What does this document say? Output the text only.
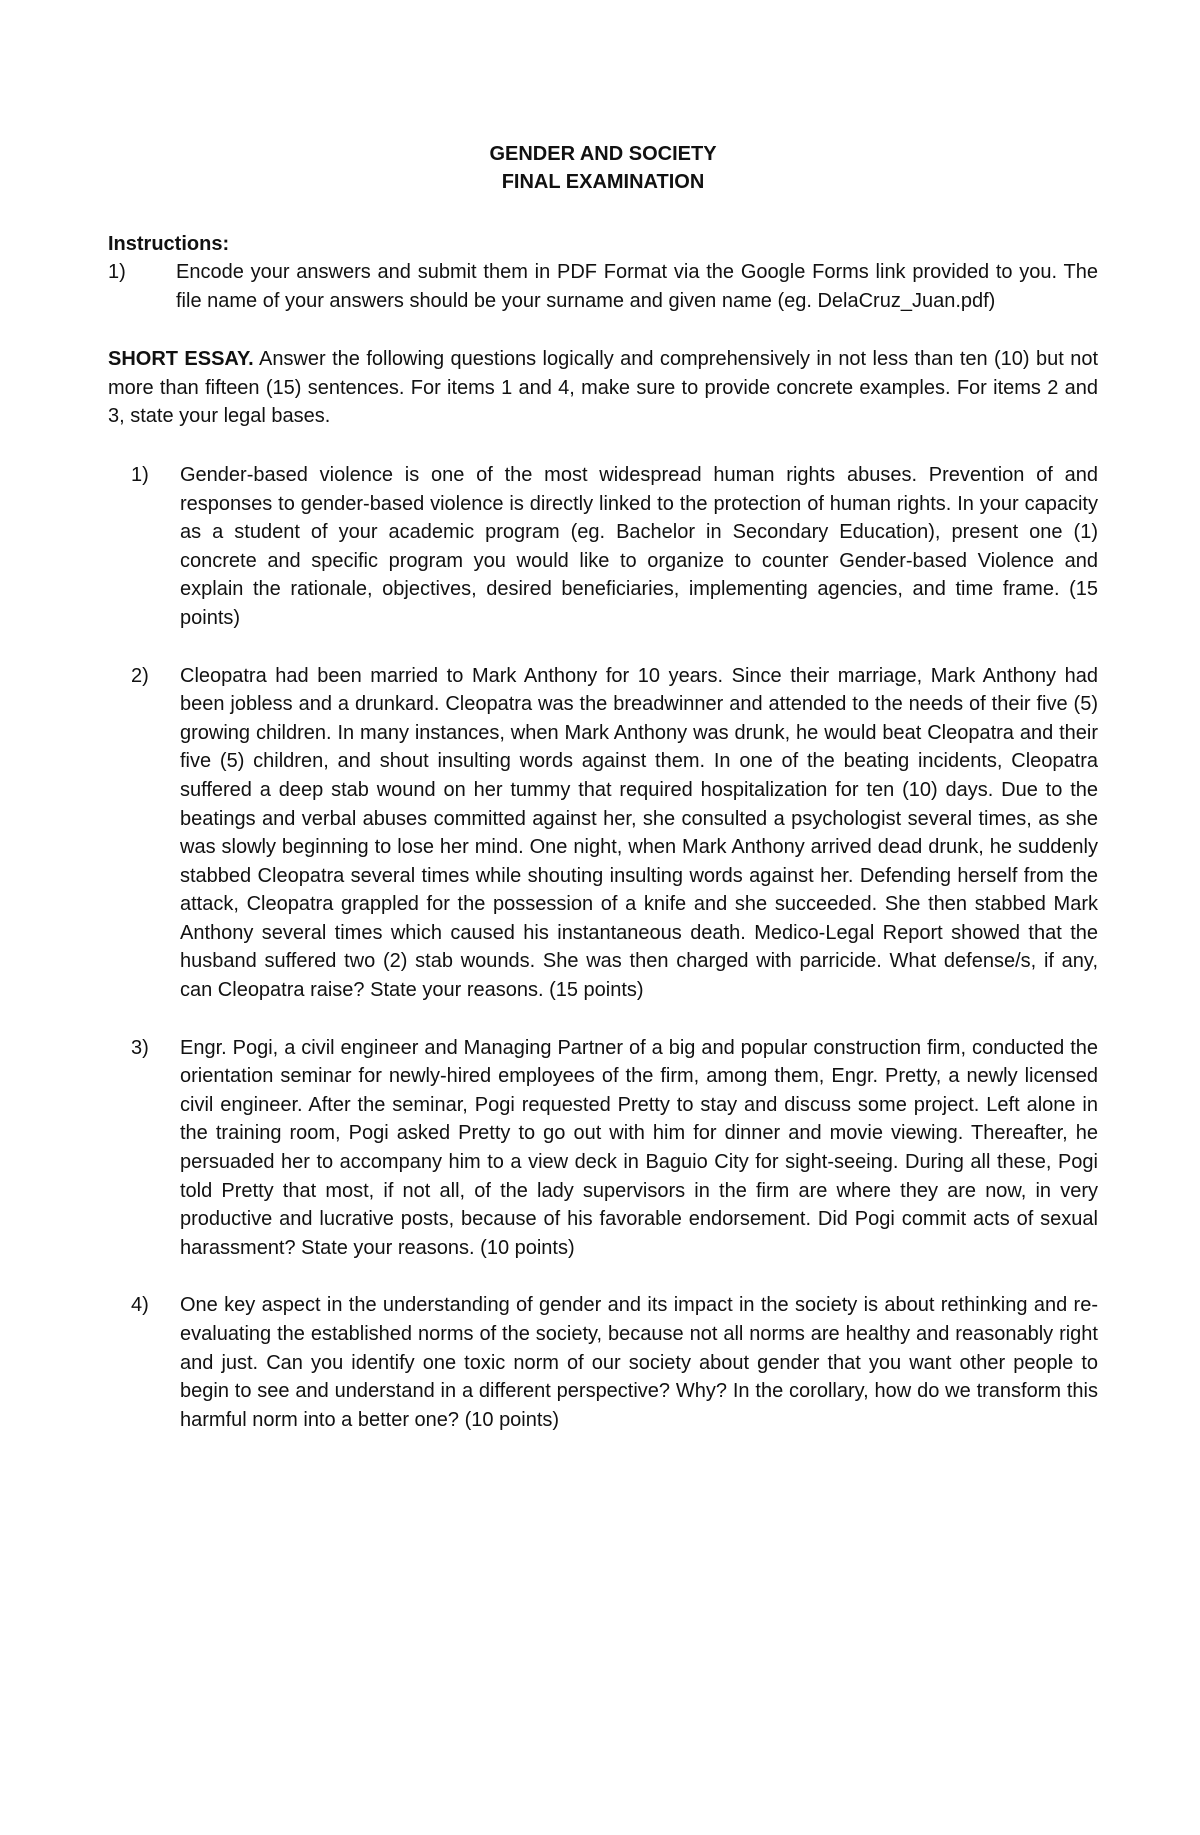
GENDER AND SOCIETY
FINAL EXAMINATION
Instructions:
1)	Encode your answers and submit them in PDF Format via the Google Forms link provided to you. The file name of your answers should be your surname and given name (eg. DelaCruz_Juan.pdf)

SHORT ESSAY. Answer the following questions logically and comprehensively in not less than ten (10) but not more than fifteen (15) sentences. For items 1 and 4, make sure to provide concrete examples. For items 2 and 3, state your legal bases.

1) Gender-based violence is one of the most widespread human rights abuses. Prevention of and responses to gender-based violence is directly linked to the protection of human rights. In your capacity as a student of your academic program (eg. Bachelor in Secondary Education), present one (1) concrete and specific program you would like to organize to counter Gender-based Violence and explain the rationale, objectives, desired beneficiaries, implementing agencies, and time frame. (15 points)
2) Cleopatra had been married to Mark Anthony for 10 years. Since their marriage, Mark Anthony had been jobless and a drunkard. Cleopatra was the breadwinner and attended to the needs of their five (5) growing children. In many instances, when Mark Anthony was drunk, he would beat Cleopatra and their five (5) children, and shout insulting words against them. In one of the beating incidents, Cleopatra suffered a deep stab wound on her tummy that required hospitalization for ten (10) days. Due to the beatings and verbal abuses committed against her, she consulted a psychologist several times, as she was slowly beginning to lose her mind. One night, when Mark Anthony arrived dead drunk, he suddenly stabbed Cleopatra several times while shouting insulting words against her. Defending herself from the attack, Cleopatra grappled for the possession of a knife and she succeeded. She then stabbed Mark Anthony several times which caused his instantaneous death. Medico-Legal Report showed that the husband suffered two (2) stab wounds. She was then charged with parricide. What defense/s, if any, can Cleopatra raise? State your reasons. (15 points)
3) Engr. Pogi, a civil engineer and Managing Partner of a big and popular construction firm, conducted the orientation seminar for newly-hired employees of the firm, among them, Engr. Pretty, a newly licensed civil engineer. After the seminar, Pogi requested Pretty to stay and discuss some project. Left alone in the training room, Pogi asked Pretty to go out with him for dinner and movie viewing. Thereafter, he persuaded her to accompany him to a view deck in Baguio City for sight-seeing. During all these, Pogi told Pretty that most, if not all, of the lady supervisors in the firm are where they are now, in very productive and lucrative posts, because of his favorable endorsement. Did Pogi commit acts of sexual harassment? State your reasons. (10 points)
4) One key aspect in the understanding of gender and its impact in the society is about rethinking and re-evaluating the established norms of the society, because not all norms are healthy and reasonably right and just. Can you identify one toxic norm of our society about gender that you want other people to begin to see and understand in a different perspective? Why? In the corollary, how do we transform this harmful norm into a better one? (10 points)
